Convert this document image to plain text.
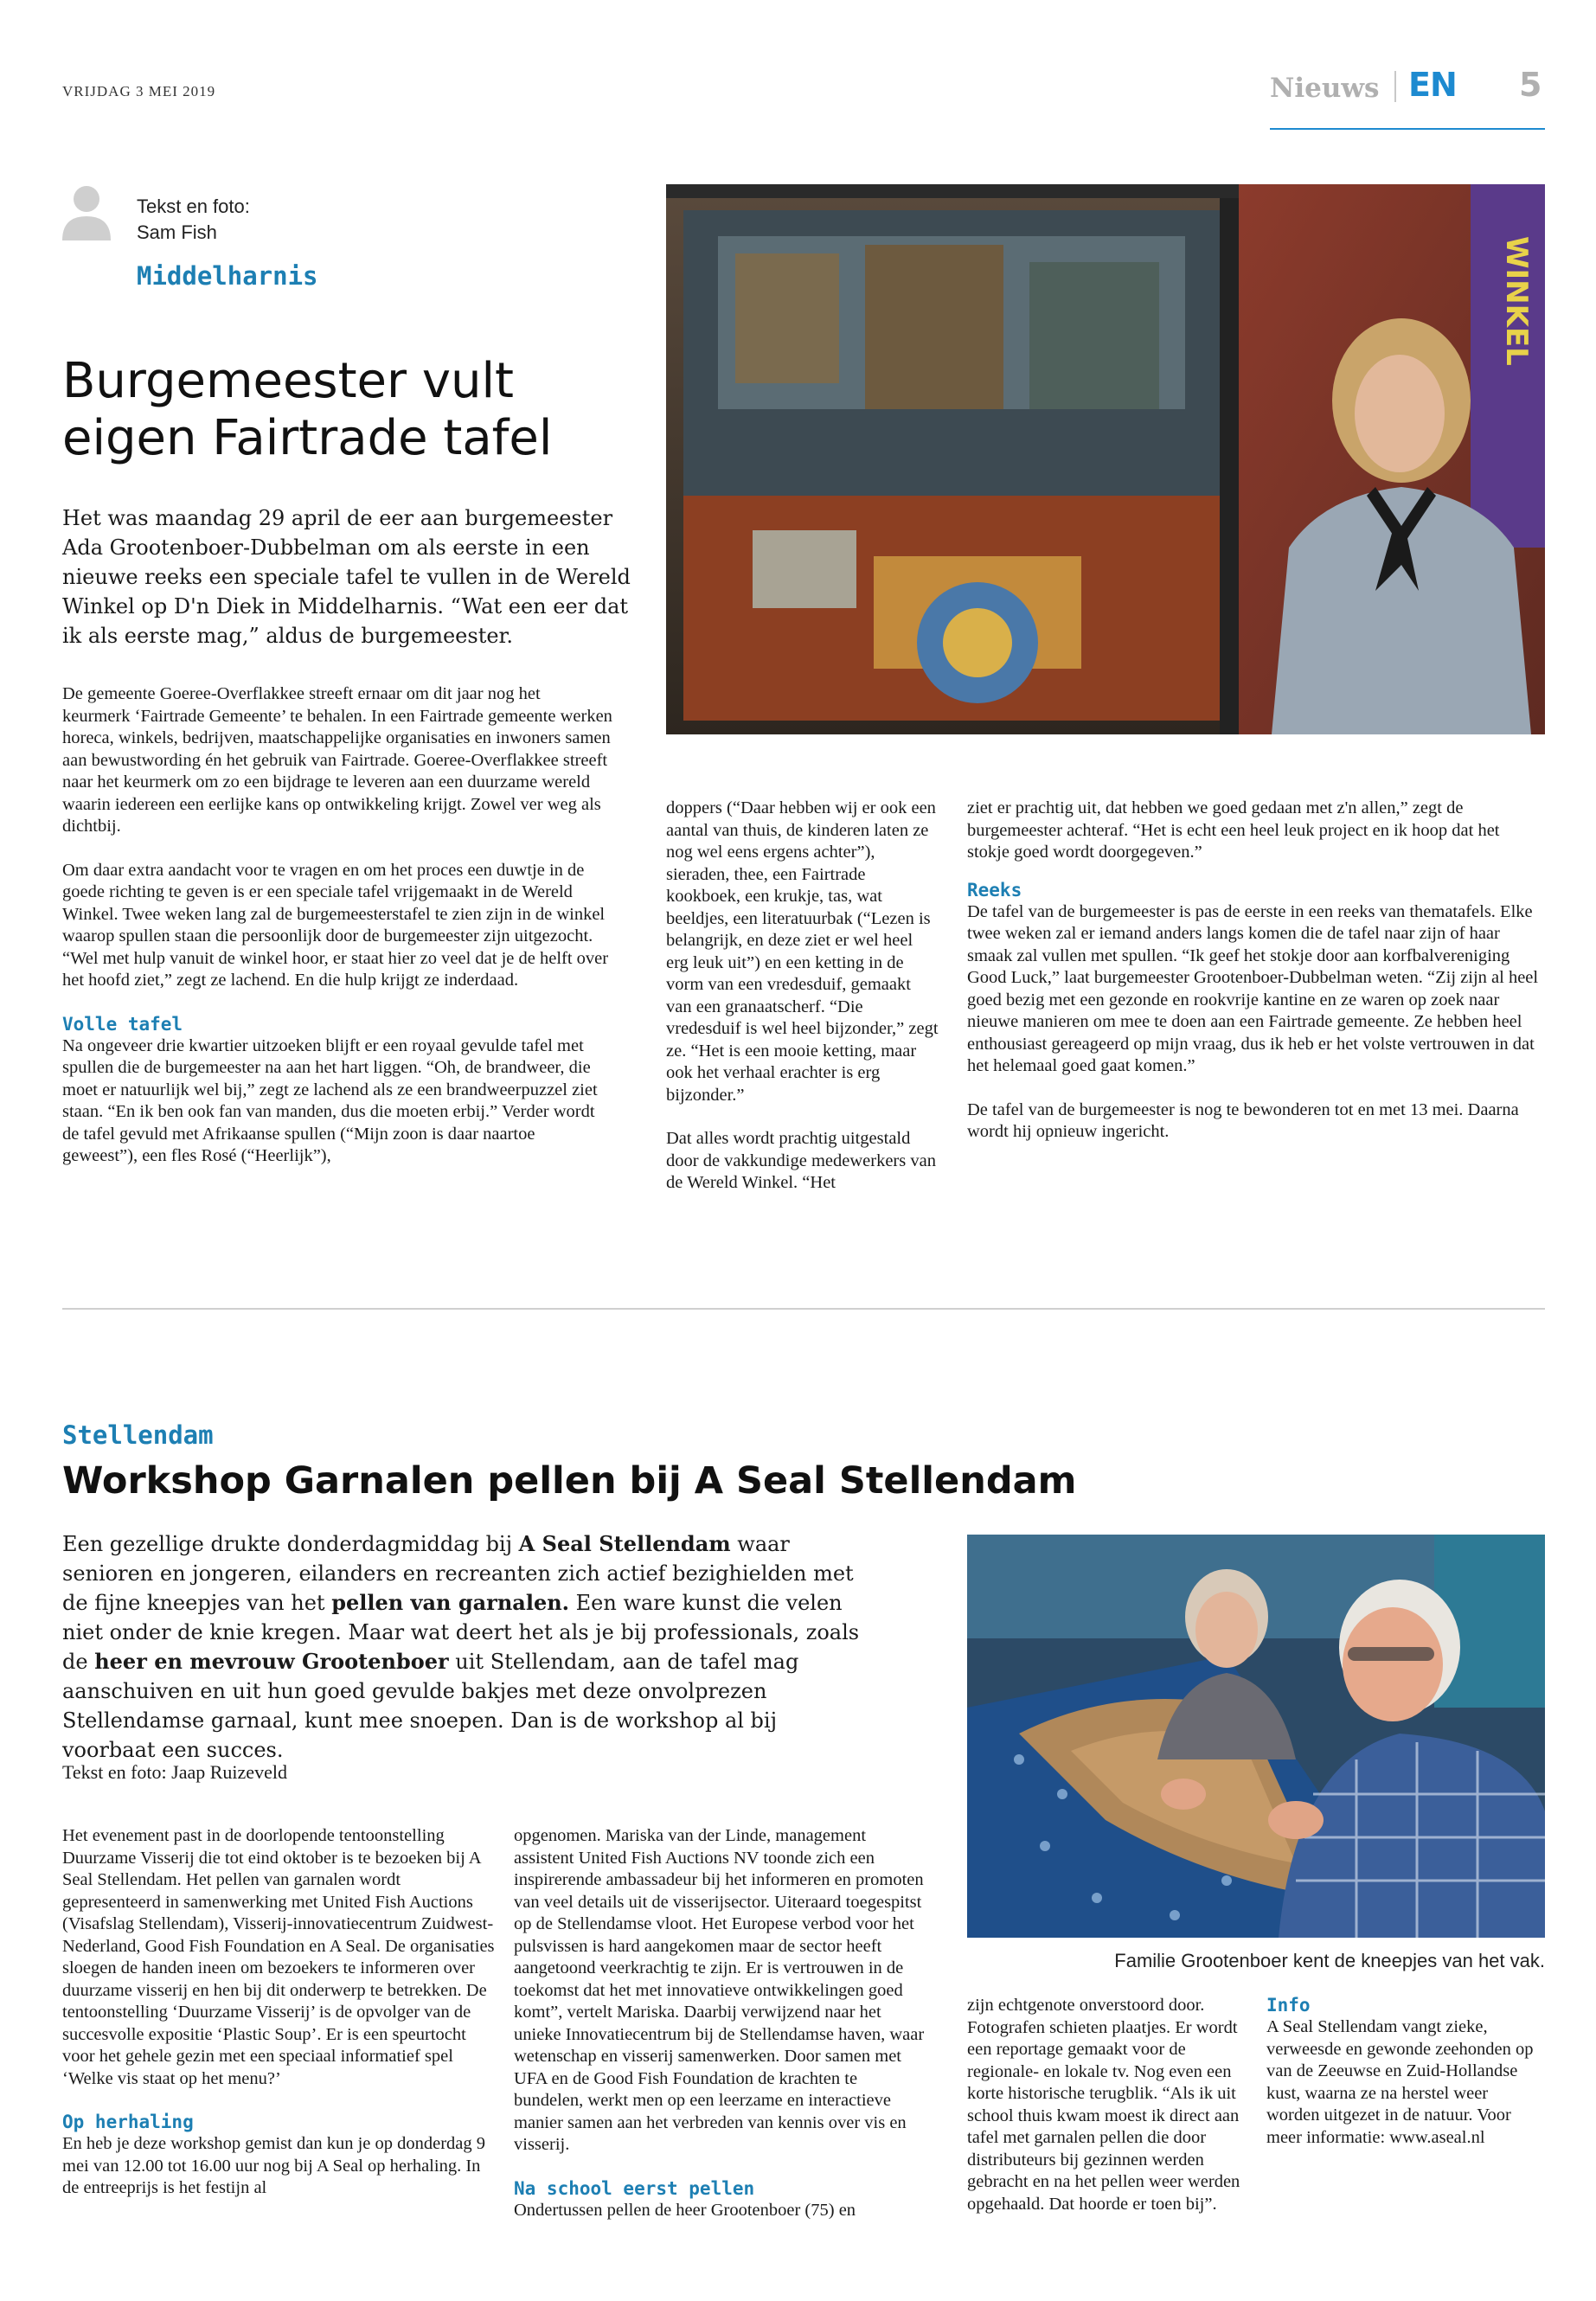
VRIJDAG 3 MEI 2019	Nieuws EN 5
Tekst en foto:
Sam Fish
Middelharnis
Burgemeester vult
eigen Fairtrade tafel

Het was maandag 29 april de eer aan burgemeester Ada Grootenboer-Dubbelman om als eerste in een nieuwe reeks een speciale tafel te vullen in de Wereld Winkel op D'n Diek in Middelharnis. “Wat een eer dat ik als eerste mag,” aldus de burgemeester.

De gemeente Goeree-Overflakkee streeft ernaar om dit jaar nog het keurmerk ‘Fairtrade Gemeente’ te behalen. In een Fairtrade gemeente werken horeca, winkels, bedrijven, maatschappelijke organisaties en inwoners samen aan bewustwording én het gebruik van Fairtrade. Goeree-Overflakkee streeft naar het keurmerk om zo een bijdrage te leveren aan een duurzame wereld waarin iedereen een eerlijke kans op ontwikkeling krijgt. Zowel ver weg als dichtbij.

Om daar extra aandacht voor te vragen en om het proces een duwtje in de goede richting te geven is er een speciale tafel vrijgemaakt in de Wereld Winkel. Twee weken lang zal de burgemeesterstafel te zien zijn in de winkel waarop spullen staan die persoonlijk door de burgemeester zijn uitgezocht. “Wel met hulp vanuit de winkel hoor, er staat hier zo veel dat je de helft over het hoofd ziet,” zegt ze lachend. En die hulp krijgt ze inderdaad.

Volle tafel

Na ongeveer drie kwartier uitzoeken blijft er een royaal gevulde tafel met spullen die de burgemeester na aan het hart liggen. “Oh, de brandweer, die moet er natuurlijk wel bij,” zegt ze lachend als ze een brandweerpuzzel ziet staan. “En ik ben ook fan van manden, dus die moeten erbij.” Verder wordt de tafel gevuld met Afrikaanse spullen (“Mijn zoon is daar naartoe geweest”), een fles Rosé (“Heerlijk”),

doppers (“Daar hebben wij er ook een aantal van thuis, de kinderen laten ze nog wel eens ergens achter”), sieraden, thee, een Fairtrade kookboek, een krukje, tas, wat beeldjes, een literatuurbak (“Lezen is belangrijk, en deze ziet er wel heel erg leuk uit”) en een ketting in de vorm van een vredesduif, gemaakt van een granaatscherf. “Die vredesduif is wel heel bijzonder,” zegt ze. “Het is een mooie ketting, maar ook het verhaal erachter is erg bijzonder.”

Dat alles wordt prachtig uitgestald door de vakkundige medewerkers van de Wereld Winkel. “Het

ziet er prachtig uit, dat hebben we goed gedaan met z'n allen,” zegt de burgemeester achteraf. “Het is echt een heel leuk project en ik hoop dat het stokje goed wordt doorgegeven.”

Reeks

De tafel van de burgemeester is pas de eerste in een reeks van thematafels. Elke twee weken zal er iemand anders langs komen die de tafel naar zijn of haar smaak zal vullen met spullen. “Ik geef het stokje door aan korfbalvereniging Good Luck,” laat burgemeester Grootenboer-Dubbelman weten. “Zij zijn al heel goed bezig met een gezonde en rookvrije kantine en ze waren op zoek naar nieuwe manieren om mee te doen aan een Fairtrade gemeente. Ze hebben heel enthousiast gereageerd op mijn vraag, dus ik heb er het volste vertrouwen in dat het helemaal goed gaat komen.”

De tafel van de burgemeester is nog te bewonderen tot en met 13 mei. Daarna wordt hij opnieuw ingericht.

WINKEL
Stellendam
Workshop Garnalen pellen bij A Seal Stellendam

Een gezellige drukte donderdagmiddag bij A Seal Stellendam waar senioren en jongeren, eilanders en recreanten zich actief bezighielden met de fijne kneepjes van het pellen van garnalen. Een ware kunst die velen niet onder de knie kregen. Maar wat deert het als je bij professionals, zoals de heer en mevrouw Grootenboer uit Stellendam, aan de tafel mag aanschuiven en uit hun goed gevulde bakjes met deze onvolprezen Stellendamse garnaal, kunt mee snoepen. Dan is de workshop al bij voorbaat een succes.

Tekst en foto: Jaap Ruizeveld

Het evenement past in de doorlopende tentoonstelling Duurzame Visserij die tot eind oktober is te bezoeken bij A Seal Stellendam. Het pellen van garnalen wordt gepresenteerd in samenwerking met United Fish Auctions (Visafslag Stellendam), Visserij-innovatiecentrum Zuidwest-Nederland, Good Fish Foundation en A Seal. De organisaties sloegen de handen ineen om bezoekers te informeren over duurzame visserij en hen bij dit onderwerp te betrekken. De tentoonstelling ‘Duurzame Visserij’ is de opvolger van de succesvolle expositie ‘Plastic Soup’. Er is een speurtocht voor het gehele gezin met een speciaal informatief spel ‘Welke vis staat op het menu?’

Op herhaling

En heb je deze workshop gemist dan kun je op donderdag 9 mei van 12.00 tot 16.00 uur nog bij A Seal op herhaling. In de entreeprijs is het festijn al

opgenomen. Mariska van der Linde, management assistent United Fish Auctions NV toonde zich een inspirerende ambassadeur bij het informeren en promoten van veel details uit de visserijsector. Uiteraard toegespitst op de Stellendamse vloot. Het Europese verbod voor het pulsvissen is hard aangekomen maar de sector heeft aangetoond veerkrachtig te zijn. Er is vertrouwen in de toekomst dat het met innovatieve ontwikkelingen goed komt”, vertelt Mariska. Daarbij verwijzend naar het unieke Innovatiecentrum bij de Stellendamse haven, waar wetenschap en visserij samenwerken. Door samen met UFA en de Good Fish Foundation de krachten te bundelen, werkt men op een leerzame en interactieve manier samen aan het verbreden van kennis over vis en visserij.

Na school eerst pellen

Ondertussen pellen de heer Grootenboer (75) en

Familie Grootenboer kent de kneepjes van het vak.

zijn echtgenote onverstoord door. Fotografen schieten plaatjes. Er wordt een reportage gemaakt voor de regionale- en lokale tv. Nog even een korte historische terugblik. “Als ik uit school thuis kwam moest ik direct aan tafel met garnalen pellen die door distributeurs bij gezinnen werden gebracht en na het pellen weer werden opgehaald. Dat hoorde er toen bij”.

Info

A Seal Stellendam vangt zieke, verweesde en gewonde zeehonden op van de Zeeuwse en Zuid-Hollandse kust, waarna ze na herstel weer worden uitgezet in de natuur. Voor meer informatie: www.aseal.nl
